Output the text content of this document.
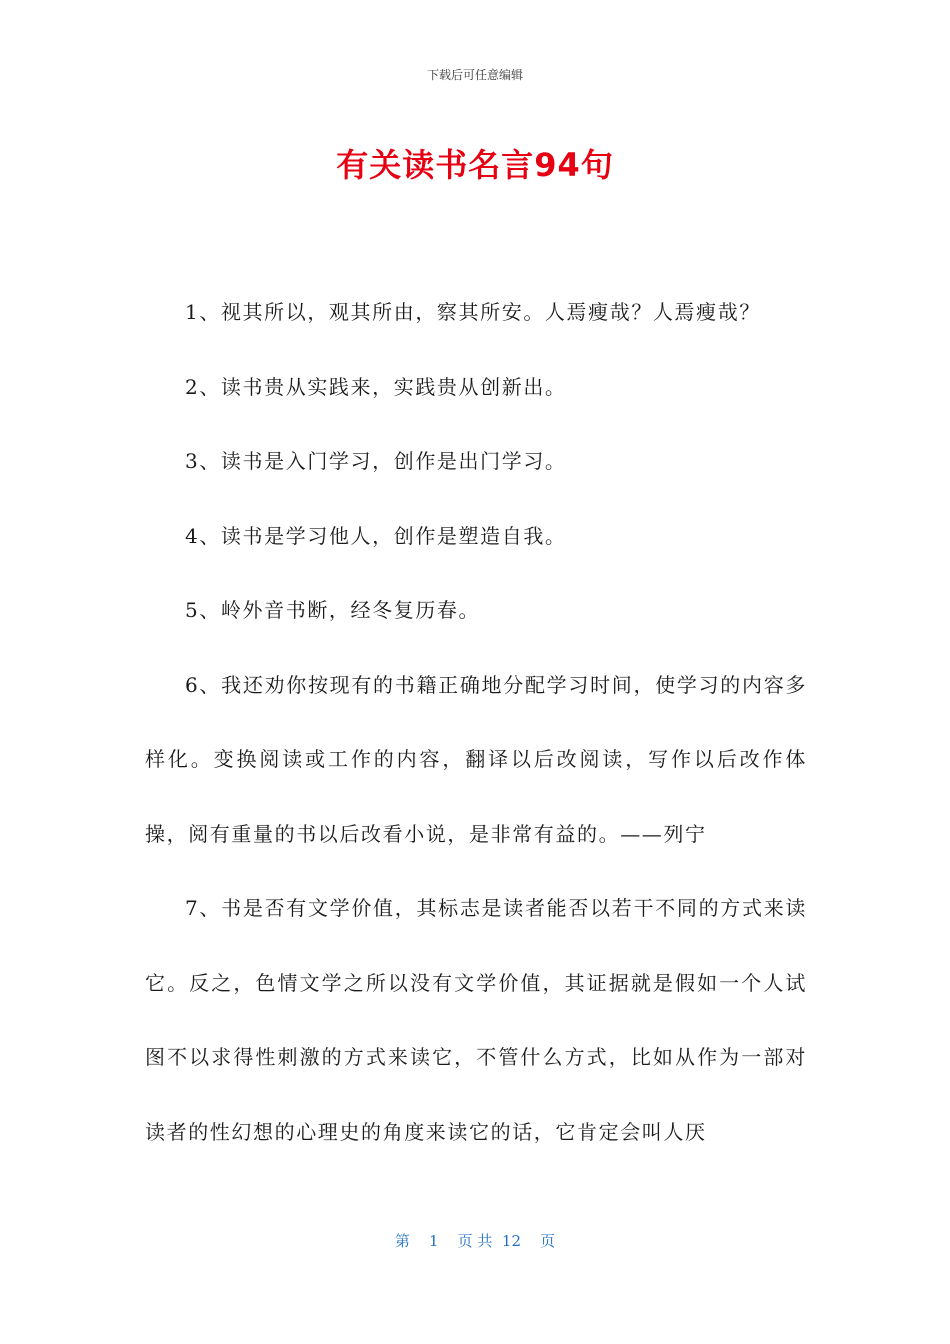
下载后可任意编辑
有关读书名言94句

1、视其所以，观其所由，察其所安。人焉瘦哉？人焉瘦哉？

2、读书贵从实践来，实践贵从创新出。

3、读书是入门学习，创作是出门学习。

4、读书是学习他人，创作是塑造自我。

5、岭外音书断，经冬复历春。

6、我还劝你按现有的书籍正确地分配学习时间，使学习的内容多样化。变换阅读或工作的内容，翻译以后改阅读，写作以后改作体操，阅有重量的书以后改看小说，是非常有益的。——列宁

7、书是否有文学价值，其标志是读者能否以若干不同的方式来读它。反之，色情文学之所以没有文学价值，其证据就是假如一个人试图不以求得性刺激的方式来读它，不管什么方式，比如从作为一部对读者的性幻想的心理史的角度来读它的话，它肯定会叫人厌

第 1 页 共 12 页
